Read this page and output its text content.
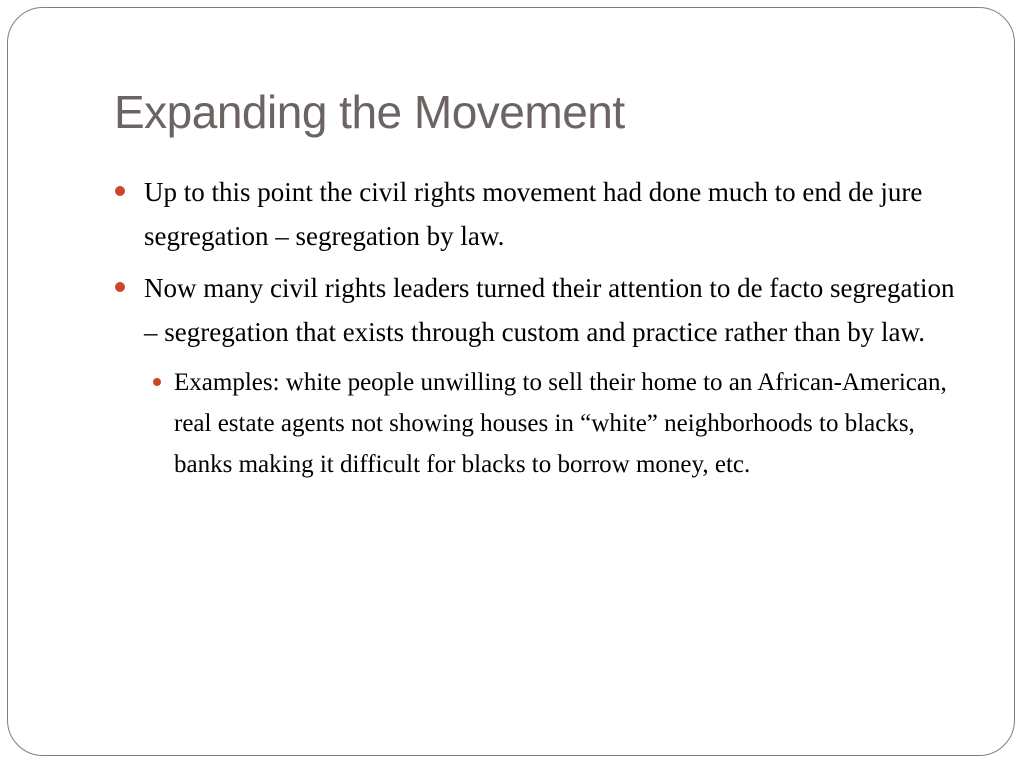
Expanding the Movement
Up to this point the civil rights movement had done much to end de jure segregation – segregation by law.
Now many civil rights leaders turned their attention to de facto segregation – segregation that exists through custom and practice rather than by law.
Examples: white people unwilling to sell their home to an African-American, real estate agents not showing houses in “white” neighborhoods to blacks, banks making it difficult for blacks to borrow money, etc.
